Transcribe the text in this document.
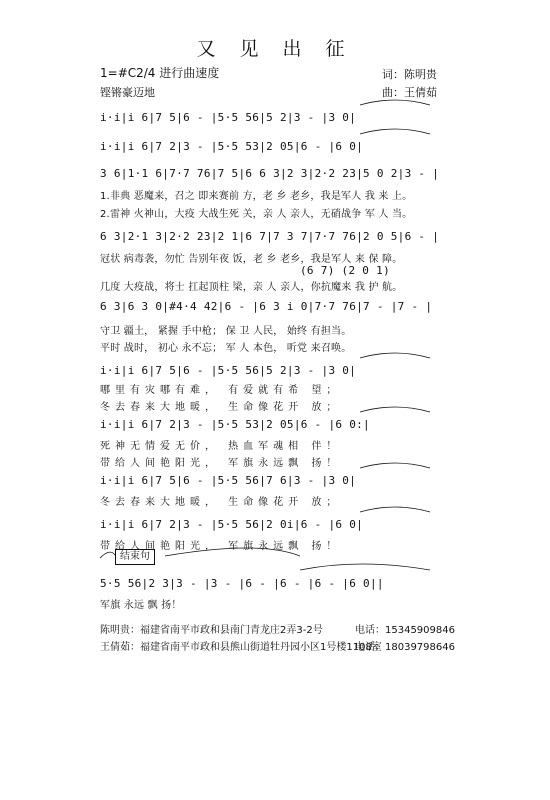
又 见 出 征
1=#C2/4 进行曲速度
铿锵豪迈地
词：陈明贵
曲：王倩茹
i·i|i 6|7 5|6 - |5·5 56|5 2|3 - |3 0|
i·i|i 6|7 2|3 - |5·5 53|2 05|6 - |6 0|
3 6|1·1 6|7·7 76|7 5|6 6 3|2 3|2·2 23|5 0 2|3 - |
1.非典 恶魔来，召之 即来赛前 方，老 乡 老乡，我是军人 我 来 上。
2.雷神 火神山，大疫 大战生死 关，亲 人 亲人，无硝战争 军 人 当。
6 3|2·1 3|2·2 23|2 1|6 7|7 3 7|7·7 76|2 0 5|6 - |
冠状 病毒袭，勿忙 告别年夜 饭，老 乡 老乡，我是军人 来 保 障。
(6 7) (2 0 1)
几度 大疫战，将士 扛起顶柱 梁，亲 人 亲人，你抗魔来 我 护 航。
6 3|6 3 0|#4·4 42|6 - |6 3 i 0|7·7 76|7 - |7 - |
守卫 疆土， 紧握 手中枪； 保 卫 人民， 始终 有担当。
平时 战时， 初心 永不忘； 军 人 本色， 听党 来召唤。
i·i|i 6|7 5|6 - |5·5 56|5 2|3 - |3 0|
哪里有灾哪有难， 有爱就有希 望；
冬去春来大地暖， 生命像花开 放；
i·i|i 6|7 2|3 - |5·5 53|2 05|6 - |6 0:|
死神无情爱无价， 热血军魂相 伴！
带给人间艳阳光， 军旗永远飘 扬！
i·i|i 6|7 5|6 - |5·5 56|7 6|3 - |3 0|
冬去春来大地暖， 生命像花开 放；
i·i|i 6|7 2|3 - |5·5 56|2 0i|6 - |6 0|
带给人间艳阳光， 军旗永远飘 扬！
5·5 56|2 3|3 - |3 - |6 - |6 - |6 - |6 0||
军旗 永远 飘 扬！
结束句
陈明贵：福建省南平市政和县南门青龙庄2弄3-2号	电话：15345909846
王倩茹：福建省南平市政和县熊山街道牡丹园小区1号楼1108室
电话：18039798646
